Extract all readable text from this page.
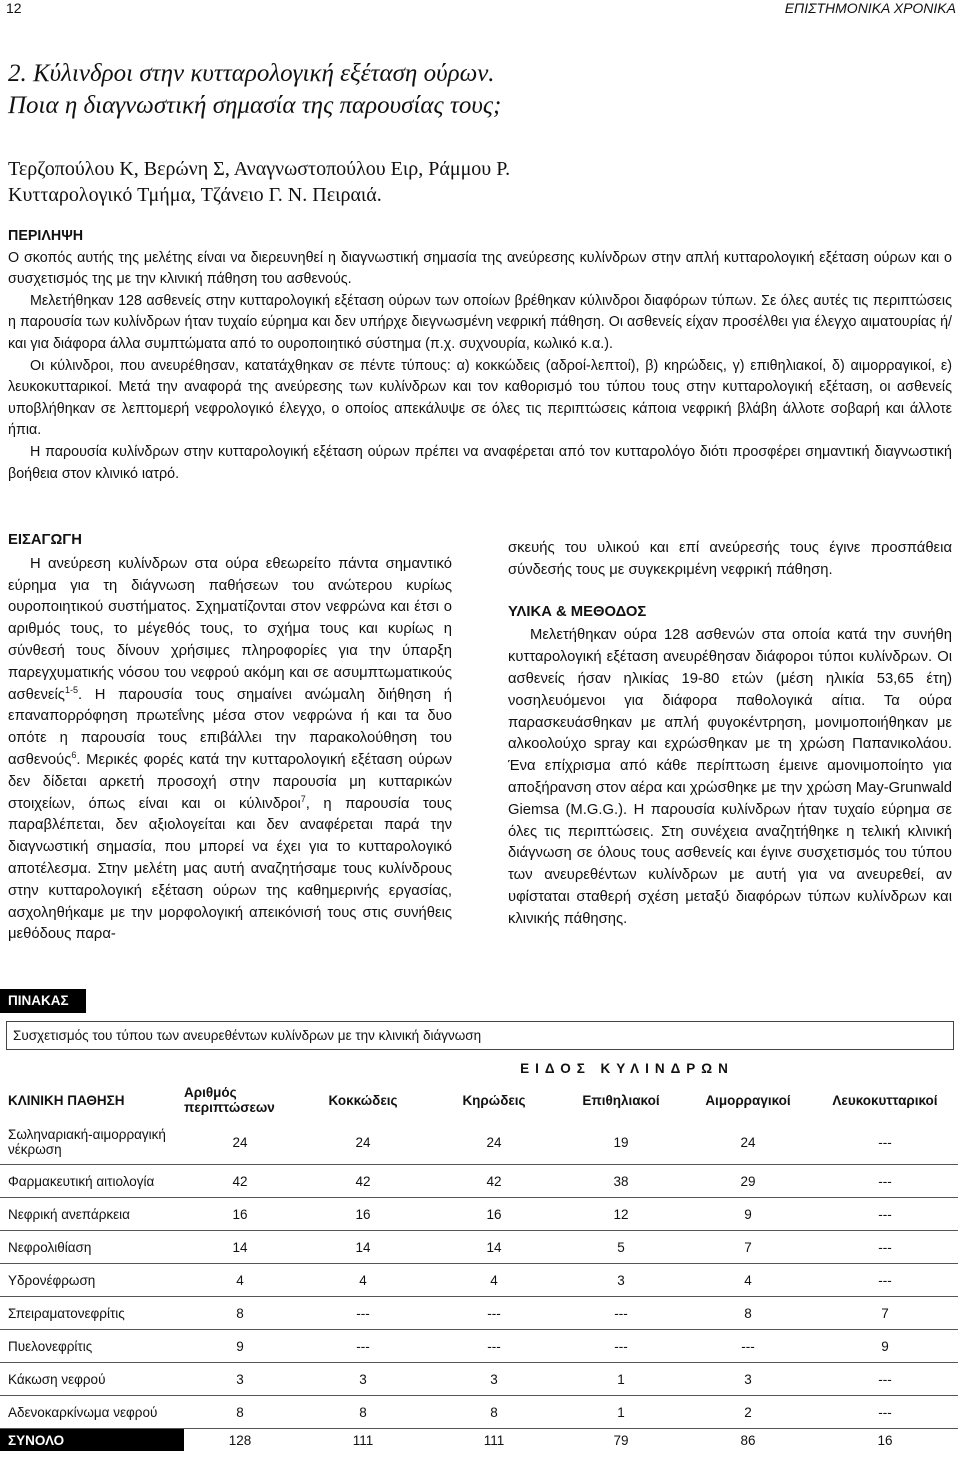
12	ΕΠΙΣΤΗΜΟΝΙΚΑ ΧΡΟΝΙΚΑ
2. Κύλινδροι στην κυτταρολογική εξέταση ούρων.
Ποια η διαγνωστική σημασία της παρουσίας τους;
Τερζοπούλου Κ, Βερώνη Σ, Αναγνωστοπούλου Ειρ, Ράμμου Ρ.
Κυτταρολογικό Τμήμα, Τζάνειο Γ. Ν. Πειραιά.
ΠΕΡΙΛΗΨΗ

Ο σκοπός αυτής της μελέτης είναι να διερευνηθεί η διαγνωστική σημασία της ανεύρεσης κυλίνδρων στην απλή κυτταρολογική εξέταση ούρων και ο συσχετισμός της με την κλινική πάθηση του ασθενούς.

Μελετήθηκαν 128 ασθενείς στην κυτταρολογική εξέταση ούρων των οποίων βρέθηκαν κύλινδροι διαφόρων τύπων. Σε όλες αυτές τις περιπτώσεις η παρουσία των κυλίνδρων ήταν τυχαίο εύρημα και δεν υπήρχε διεγνωσμένη νεφρική πάθηση. Οι ασθενείς είχαν προσέλθει για έλεγχο αιματουρίας ή/και για διάφορα άλλα συμπτώματα από το ουροποιητικό σύστημα (π.χ. συχνουρία, κωλικό κ.α.).

Οι κύλινδροι, που ανευρέθησαν, κατατάχθηκαν σε πέντε τύπους: α) κοκκώδεις (αδροί-λεπτοί), β) κηρώδεις, γ) επιθηλιακοί, δ) αιμορραγικοί, ε) λευκοκυτταρικοί. Μετά την αναφορά της ανεύρεσης των κυλίνδρων και τον καθορισμό του τύπου τους στην κυτταρολογική εξέταση, οι ασθενείς υποβλήθηκαν σε λεπτομερή νεφρολογικό έλεγχο, ο οποίος απεκάλυψε σε όλες τις περιπτώσεις κάποια νεφρική βλάβη άλλοτε σοβαρή και άλλοτε ήπια.

Η παρουσία κυλίνδρων στην κυτταρολογική εξέταση ούρων πρέπει να αναφέρεται από τον κυτταρολόγο διότι προσφέρει σημαντική διαγνωστική βοήθεια στον κλινικό ιατρό.

ΕΙΣΑΓΩΓΗ

Η ανεύρεση κυλίνδρων στα ούρα εθεωρείτο πάντα σημαντικό εύρημα για τη διάγνωση παθήσεων του ανώτερου κυρίως ουροποιητικού συστήματος. Σχηματίζονται στον νεφρώνα και έτσι ο αριθμός τους, το μέγεθός τους, το σχήμα τους και κυρίως η σύνθεσή τους δίνουν χρήσιμες πληροφορίες για την ύπαρξη παρεγχυματικής νόσου του νεφρού ακόμη και σε ασυμπτωματικούς ασθενείς$^{1-5}$. Η παρουσία τους σημαίνει ανώμαλη διήθηση ή επαναπορρόφηση πρωτεΐνης μέσα στον νεφρώνα ή και τα δυο οπότε η παρουσία τους επιβάλλει την παρακολούθηση του ασθενούς$^6$. Μερικές φορές κατά την κυτταρολογική εξέταση ούρων δεν δίδεται αρκετή προσοχή στην παρουσία μη κυτταρικών στοιχείων, όπως είναι και οι κύλινδροι$^7$, η παρουσία τους παραβλέπεται, δεν αξιολογείται και δεν αναφέρεται παρά την διαγνωστική σημασία, που μπορεί να έχει για το κυτταρολογικό αποτέλεσμα. Στην μελέτη μας αυτή αναζητήσαμε τους κυλίνδρους στην κυτταρολογική εξέταση ούρων της καθημερινής εργασίας, ασχοληθήκαμε με την μορφολογική απεικόνισή τους στις συνήθεις μεθόδους παρα-

σκευής του υλικού και επί ανεύρεσής τους έγινε προσπάθεια σύνδεσής τους με συγκεκριμένη νεφρική πάθηση.

ΥΛΙΚΑ & ΜΕΘΟΔΟΣ

Μελετήθηκαν ούρα 128 ασθενών στα οποία κατά την συνήθη κυτταρολογική εξέταση ανευρέθησαν διάφοροι τύποι κυλίνδρων. Οι ασθενείς ήσαν ηλικίας 19-80 ετών (μέση ηλικία 53,65 έτη) νοσηλευόμενοι για διάφορα παθολογικά αίτια. Τα ούρα παρασκευάσθηκαν με απλή φυγοκέντρηση, μονιμοποιήθηκαν με αλκοολούχο spray και εχρώσθηκαν με τη χρώση Παπανικολάου. Ένα επίχρισμα από κάθε περίπτωση έμεινε αμονιμοποίητο για αποξήρανση στον αέρα και χρώσθηκε με την χρώση May-Grunwald Giemsa (M.G.G.). Η παρουσία κυλίνδρων ήταν τυχαίο εύρημα σε όλες τις περιπτώσεις. Στη συνέχεια αναζητήθηκε η τελική κλινική διάγνωση σε όλους τους ασθενείς και έγινε συσχετισμός του τύπου των ανευρεθέντων κυλίνδρων με αυτή για να ανευρεθεί, αν υφίσταται σταθερή σχέση μεταξύ διαφόρων τύπων κυλίνδρων και κλινικής πάθησης.

ΠΙΝΑΚΑΣ
Συσχετισμός του τύπου των ανευρεθέντων κυλίνδρων με την κλινική διάγνωση
		ΕΙΔΟΣ ΚΥΛΙΝΔΡΩΝ				
ΚΛΙΝΙΚΗ ΠΑΘΗΣΗ	Αριθμός περιπτώσεων	Κοκκώδεις	Κηρώδεις	Επιθηλιακοί	Αιμορραγικοί	Λευκοκυτταρικοί
Σωληναριακή-αιμορραγική νέκρωση	24	24	24	19	24	---
Φαρμακευτική αιτιολογία	42	42	42	38	29	---
Νεφρική ανεπάρκεια	16	16	16	12	9	---
Νεφρολιθίαση	14	14	14	5	7	---
Υδρονέφρωση	4	4	4	3	4	---
Σπειραματονεφρίτις	8	---	---	---	8	7
Πυελονεφρίτις	9	---	---	---	---	9
Κάκωση νεφρού	3	3	3	1	3	---
Αδενοκαρκίνωμα νεφρού	8	8	8	1	2	---
ΣΥΝΟΛΟ	128	111	111	79	86	16
